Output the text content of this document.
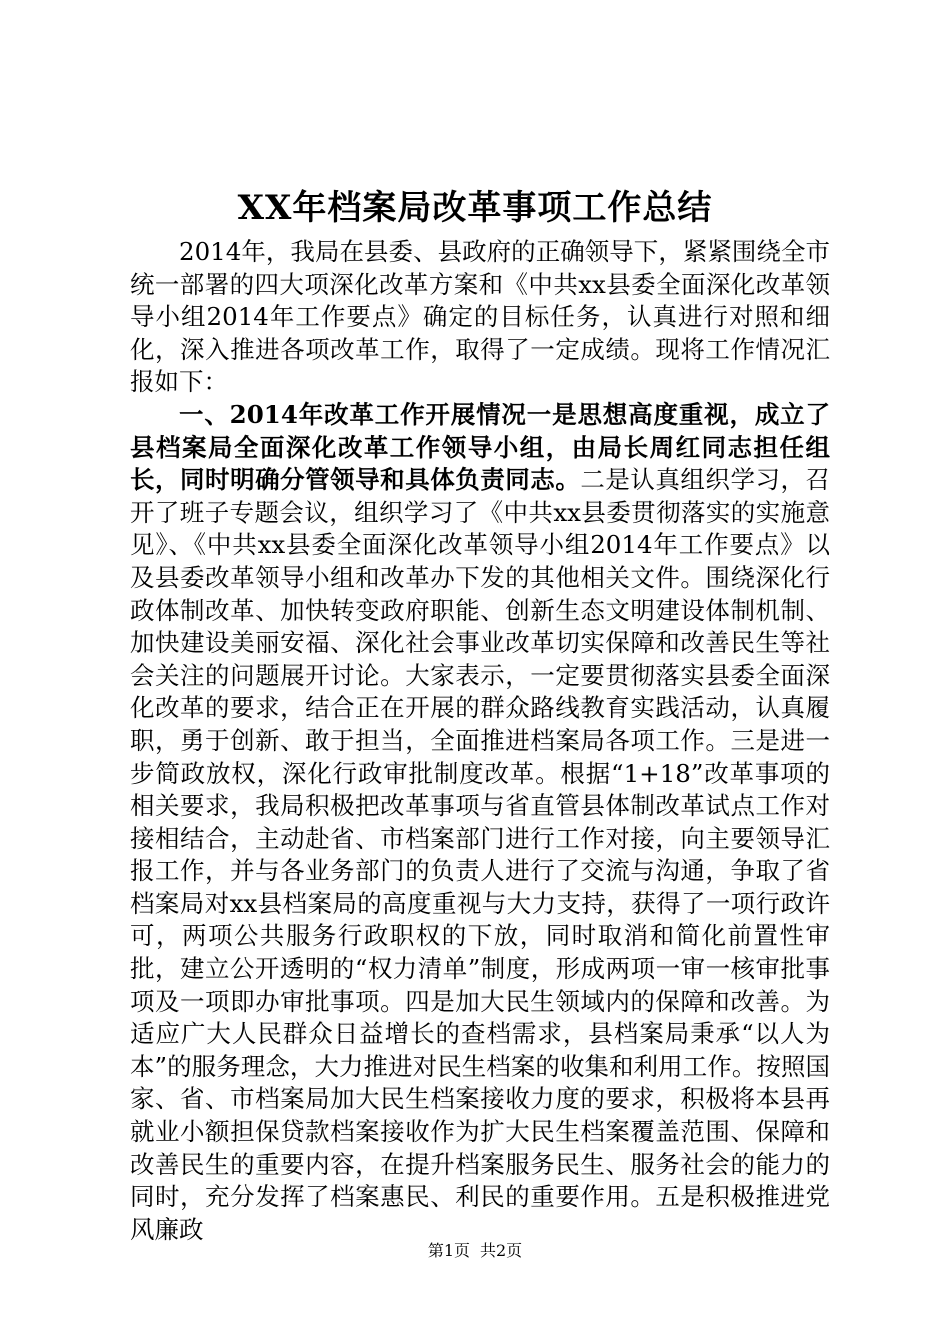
XX年档案局改革事项工作总结

2014年，我局在县委、县政府的正确领导下，紧紧围绕全市统一部署的四大项深化改革方案和《中共xx县委全面深化改革领导小组2014年工作要点》确定的目标任务，认真进行对照和细化，深入推进各项改革工作，取得了一定成绩。现将工作情况汇报如下：

一、2014年改革工作开展情况一是思想高度重视，成立了县档案局全面深化改革工作领导小组，由局长周红同志担任组长，同时明确分管领导和具体负责同志。二是认真组织学习，召开了班子专题会议，组织学习了《中共xx县委贯彻落实的实施意见》、《中共xx县委全面深化改革领导小组2014年工作要点》以及县委改革领导小组和改革办下发的其他相关文件。围绕深化行政体制改革、加快转变政府职能、创新生态文明建设体制机制、加快建设美丽安福、深化社会事业改革切实保障和改善民生等社会关注的问题展开讨论。大家表示，一定要贯彻落实县委全面深化改革的要求，结合正在开展的群众路线教育实践活动，认真履职，勇于创新、敢于担当，全面推进档案局各项工作。三是进一步简政放权，深化行政审批制度改革。根据“1+18”改革事项的相关要求，我局积极把改革事项与省直管县体制改革试点工作对接相结合，主动赴省、市档案部门进行工作对接，向主要领导汇报工作，并与各业务部门的负责人进行了交流与沟通，争取了省档案局对xx县档案局的高度重视与大力支持，获得了一项行政许可，两项公共服务行政职权的下放，同时取消和简化前置性审批，建立公开透明的“权力清单”制度，形成两项一审一核审批事项及一项即办审批事项。四是加大民生领域内的保障和改善。为适应广大人民群众日益增长的查档需求，县档案局秉承“以人为本”的服务理念，大力推进对民生档案的收集和利用工作。按照国家、省、市档案局加大民生档案接收力度的要求，积极将本县再就业小额担保贷款档案接收作为扩大民生档案覆盖范围、保障和改善民生的重要内容，在提升档案服务民生、服务社会的能力的同时，充分发挥了档案惠民、利民的重要作用。五是积极推进党风廉政

第1页 共2页
